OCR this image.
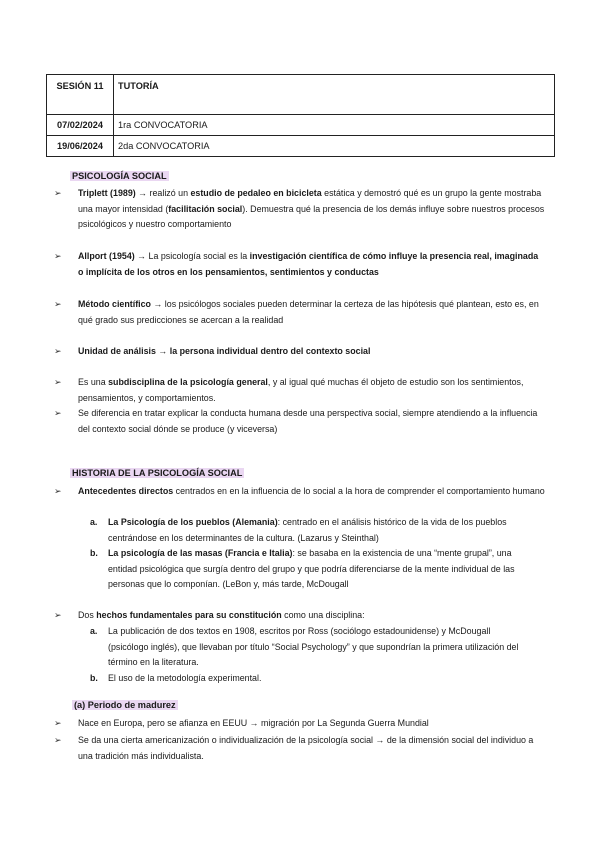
SESIÓN 11	TUTORÍA
07/02/2024	1ra CONVOCATORIA
19/06/2024	2da CONVOCATORIA
PSICOLOGÍA SOCIAL
➢	Triplett (1989) → realizó un estudio de pedaleo en bicicleta estática y demostró qué es un grupo la gente mostraba una mayor intensidad (facilitación social). Demuestra qué la presencia de los demás influye sobre nuestros procesos psicológicos y nuestro comportamiento
➢	Allport (1954) → La psicología social es la investigación científica de cómo influye la presencia real, imaginada o implícita de los otros en los pensamientos, sentimientos y conductas
➢	Método científico → los psicólogos sociales pueden determinar la certeza de las hipótesis qué plantean, esto es, en qué grado sus predicciones se acercan a la realidad
➢	Unidad de análisis → la persona individual dentro del contexto social
➢	Es una subdisciplina de la psicología general, y al igual qué muchas él objeto de estudio son los sentimientos, pensamientos, y comportamientos.
➢	Se diferencia en tratar explicar la conducta humana desde una perspectiva social, siempre atendiendo a la influencia del contexto social dónde se produce (y viceversa)
HISTORIA DE LA PSICOLOGÍA SOCIAL
➢	Antecedentes directos centrados en en la influencia de lo social a la hora de comprender el comportamiento humano
a. La Psicología de los pueblos (Alemania): centrado en el análisis histórico de la vida de los pueblos centrándose en los determinantes de la cultura. (Lazarus y Steinthal)
b. La psicología de las masas (Francia e Italia): se basaba en la existencia de una “mente grupal”, una entidad psicológica que surgía dentro del grupo y que podría diferenciarse de la mente individual de las personas que lo componían. (LeBon y, más tarde, McDougall
➢	Dos hechos fundamentales para su constitución como una disciplina:
a. La publicación de dos textos en 1908, escritos por Ross (sociólogo estadounidense) y McDougall (psicólogo inglés), que llevaban por título “Social Psychology” y que supondrían la primera utilización del término en la literatura.
b. El uso de la metodología experimental.
(a) Periodo de madurez
➢	Nace en Europa, pero se afianza en EEUU → migración por La Segunda Guerra Mundial
➢	Se da una cierta americanización o individualización de la psicología social → de la dimensión social del individuo a una tradición más individualista.
